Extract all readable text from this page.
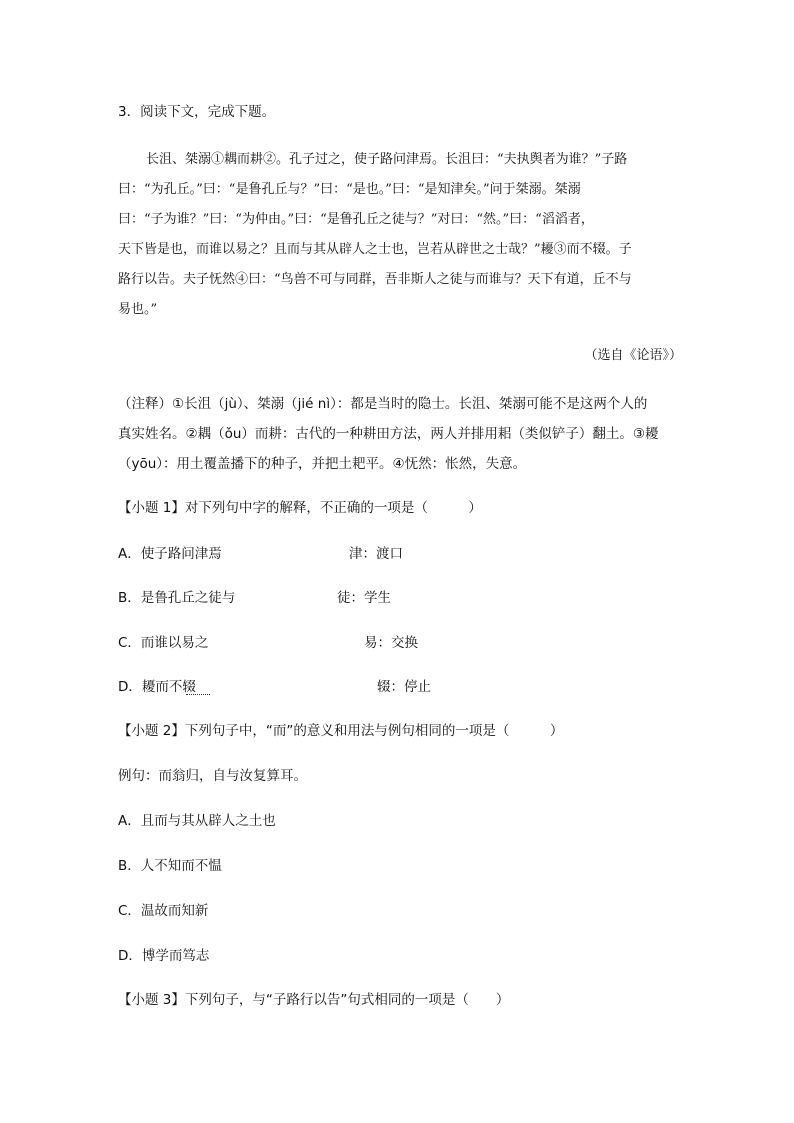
3．阅读下文，完成下题。
长沮、桀溺①耦而耕②。孔子过之，使子路问津焉。长沮曰：“夫执舆者为谁？”子路
曰：“为孔丘。”曰：“是鲁孔丘与？”曰：“是也。”曰：“是知津矣。”问于桀溺。桀溺
曰：“子为谁？”曰：“为仲由。”曰：“是鲁孔丘之徒与？”对曰：“然。”曰：“滔滔者，
天下皆是也，而谁以易之？且而与其从辟人之士也，岂若从辟世之士哉？”耰③而不辍。子
路行以告。夫子怃然④曰：“鸟兽不可与同群，吾非斯人之徒与而谁与？天下有道，丘不与
易也。”
（选自《论语》）
（注释）①长沮（jù）、桀溺（jié nì）：都是当时的隐士。长沮、桀溺可能不是这两个人的
真实姓名。②耦（ǒu）而耕：古代的一种耕田方法，两人并排用耜（类似铲子）翻土。③耰
（yōu）：用土覆盖播下的种子，并把土耙平。④怃然：怅然，失意。
【小题 1】对下列句中字的解释，不正确的一项是（　　　）
A．使子路问津焉	津：渡口
B．是鲁孔丘之徒与	徒：学生
C．而谁以易之	易：交换
D．耰而不辍	辍：停止
【小题 2】下列句子中，“而”的意义和用法与例句相同的一项是（　　　）
例句：而翁归，自与汝复算耳。
A．且而与其从辟人之土也
B．人不知而不愠
C．温故而知新
D．博学而笃志
【小题 3】下列句子，与“子路行以告”句式相同的一项是（　　）
